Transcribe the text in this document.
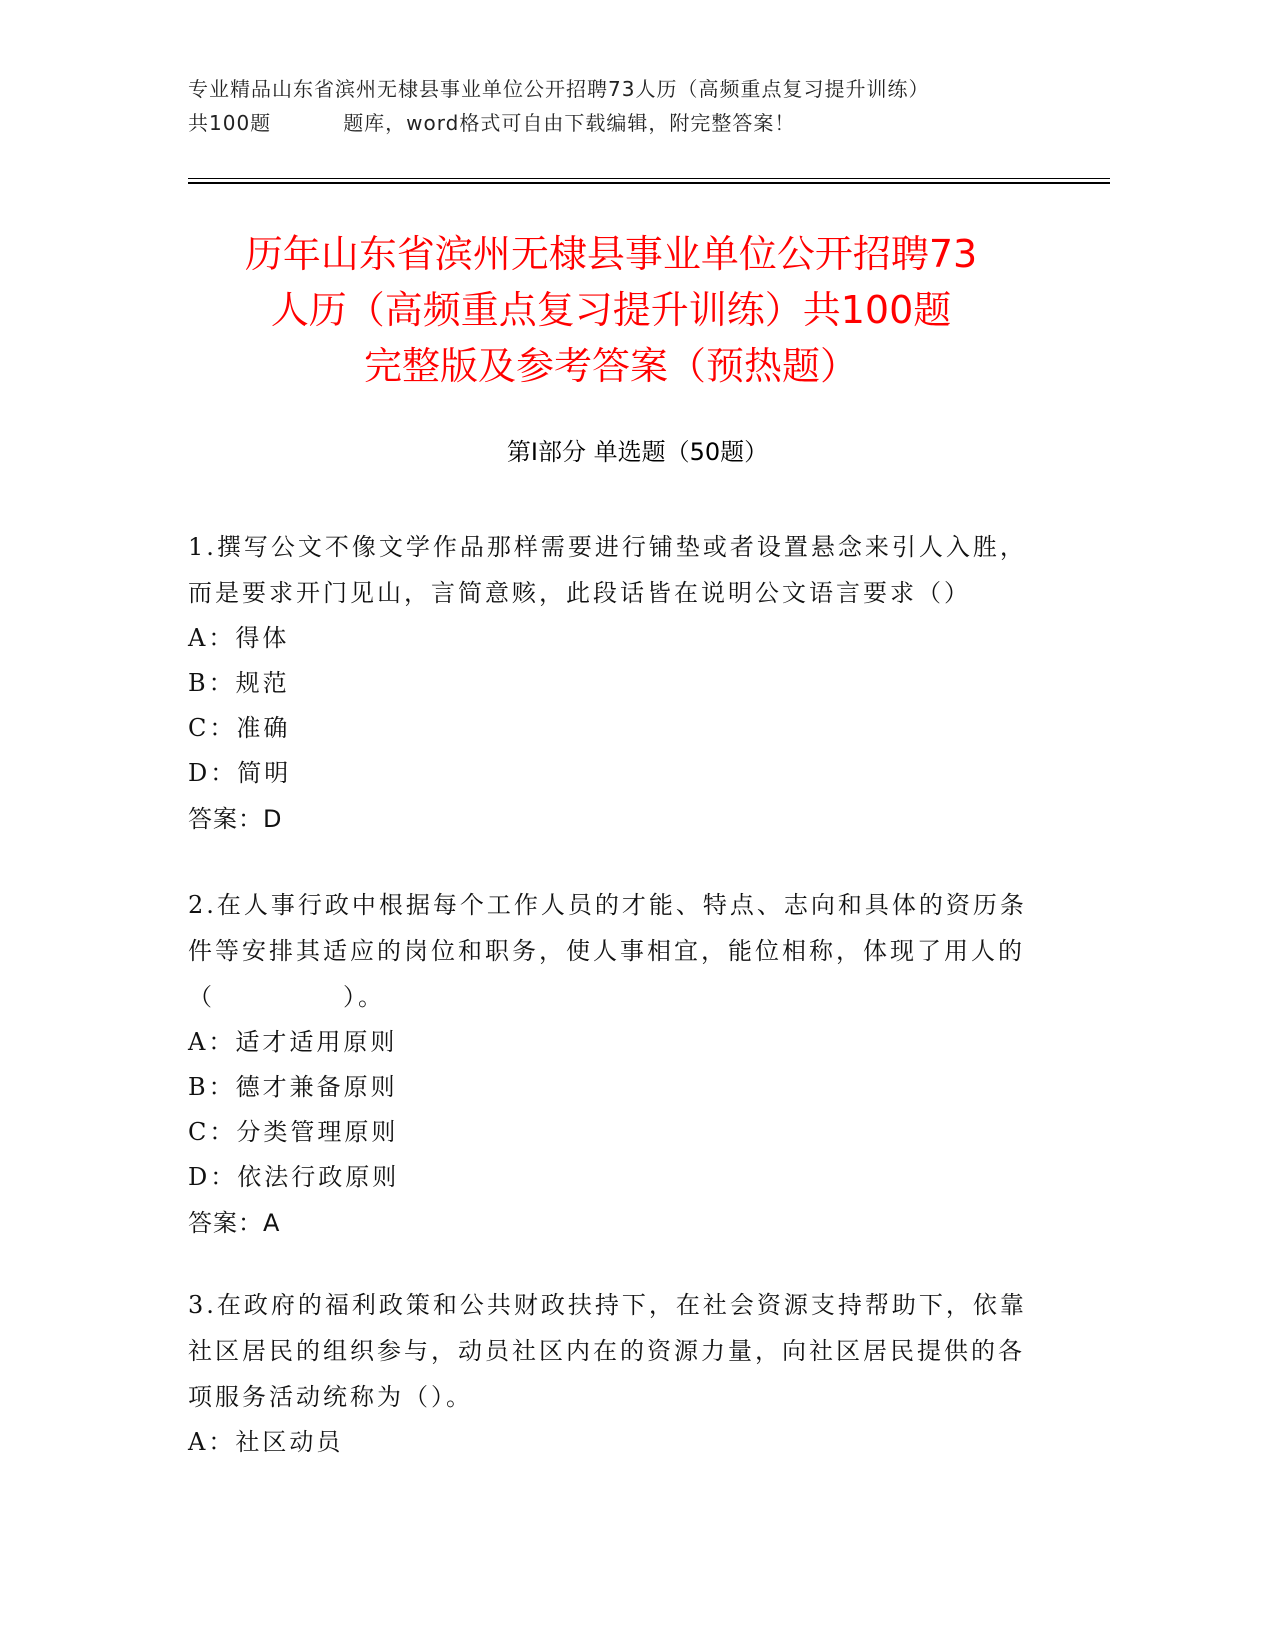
专业精品山东省滨州无棣县事业单位公开招聘73人历（高频重点复习提升训练）
共100题	题库，word格式可自由下载编辑，附完整答案！
历年山东省滨州无棣县事业单位公开招聘73
人历（高频重点复习提升训练）共100题
完整版及参考答案（预热题）
第Ⅰ部分 单选题（50题）

1.撰写公文不像文学作品那样需要进行铺垫或者设置悬念来引人入胜，而是要求开门见山，言简意赅，此段话皆在说明公文语言要求（）

A：得体

B：规范

C：准确

D：简明

答案：D

2.在人事行政中根据每个工作人员的才能、特点、志向和具体的资历条件等安排其适应的岗位和职务，使人事相宜，能位相称，体现了用人的（	）。

A：适才适用原则

B：德才兼备原则

C：分类管理原则

D：依法行政原则

答案：A

3.在政府的福利政策和公共财政扶持下，在社会资源支持帮助下，依靠社区居民的组织参与，动员社区内在的资源力量，向社区居民提供的各项服务活动统称为（）。

A：社区动员
